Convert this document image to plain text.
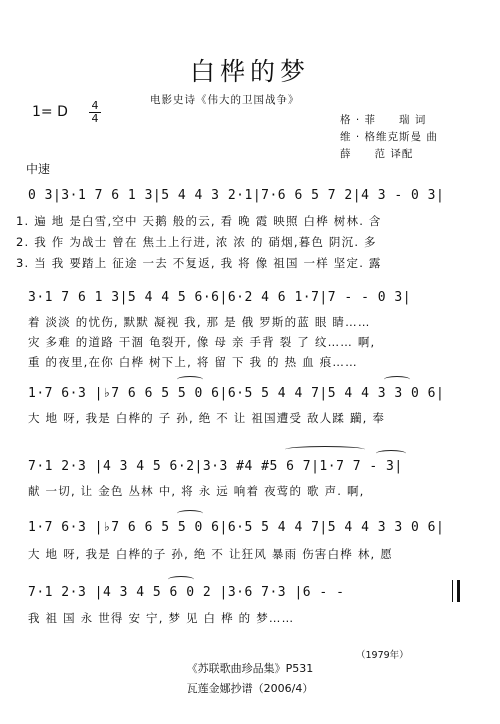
白桦的梦
电影史诗《伟大的卫国战争》
1= D 4
4	格 · 菲　　瑞 词
维 · 格维克斯曼 曲
薛　　范 译配
中速
0 3|3·1 7 6 1 3|5 4 4 3 2·1|7·6 6 5 7 2|4 3 - 0 3|
1. 遍 地 是白雪,空中 天鹅 般的云, 看 晚 霞 映照 白桦 树林. 含
2. 我 作 为战士 曾在 焦土上行进, 浓 浓 的 硝烟,暮色 阴沉. 多
3. 当 我 要踏上 征途 一去 不复返, 我 将 像 祖国 一样 坚定. 露
3·1 7 6 1 3|5 4 4 5 6·6|6·2 4 6 1·7|7 - - 0 3|
着 淡淡 的忧伤, 默默 凝视 我, 那 是 俄 罗斯的蓝 眼 睛……
灾 多难 的道路 干涸 龟裂开, 像 母 亲 手背 裂 了 纹…… 啊,
重 的夜里,在你 白桦 树下上, 将 留 下 我 的 热 血 痕……
1·7 6·3 |♭7 6 6 5 5 0 6|6·5 5 4 4 7|5 4 4 3 3 0 6|
大 地 呀, 我是 白桦的 子 孙, 绝 不 让 祖国遭受 敌人蹂 躏, 奉
7·1 2·3 |4 3 4 5 6·2|3·3 #4 #5 6 7|1·7 7 - 3|
献 一切, 让 金色 丛林 中, 将 永 远 响着 夜莺的 歌 声. 啊,
1·7 6·3 |♭7 6 6 5 5 0 6|6·5 5 4 4 7|5 4 4 3 3 0 6|
大 地 呀, 我是 白桦的子 孙, 绝 不 让狂风 暴雨 伤害白桦 林, 愿
7·1 2·3 |4 3 4 5 6 0 2 |3·6 7·3 |6 - -
我 祖 国 永 世得 安 宁, 梦 见 白 桦 的 梦……
（1979年）
《苏联歌曲珍品集》P531
瓦莲金娜抄谱（2006/4）
